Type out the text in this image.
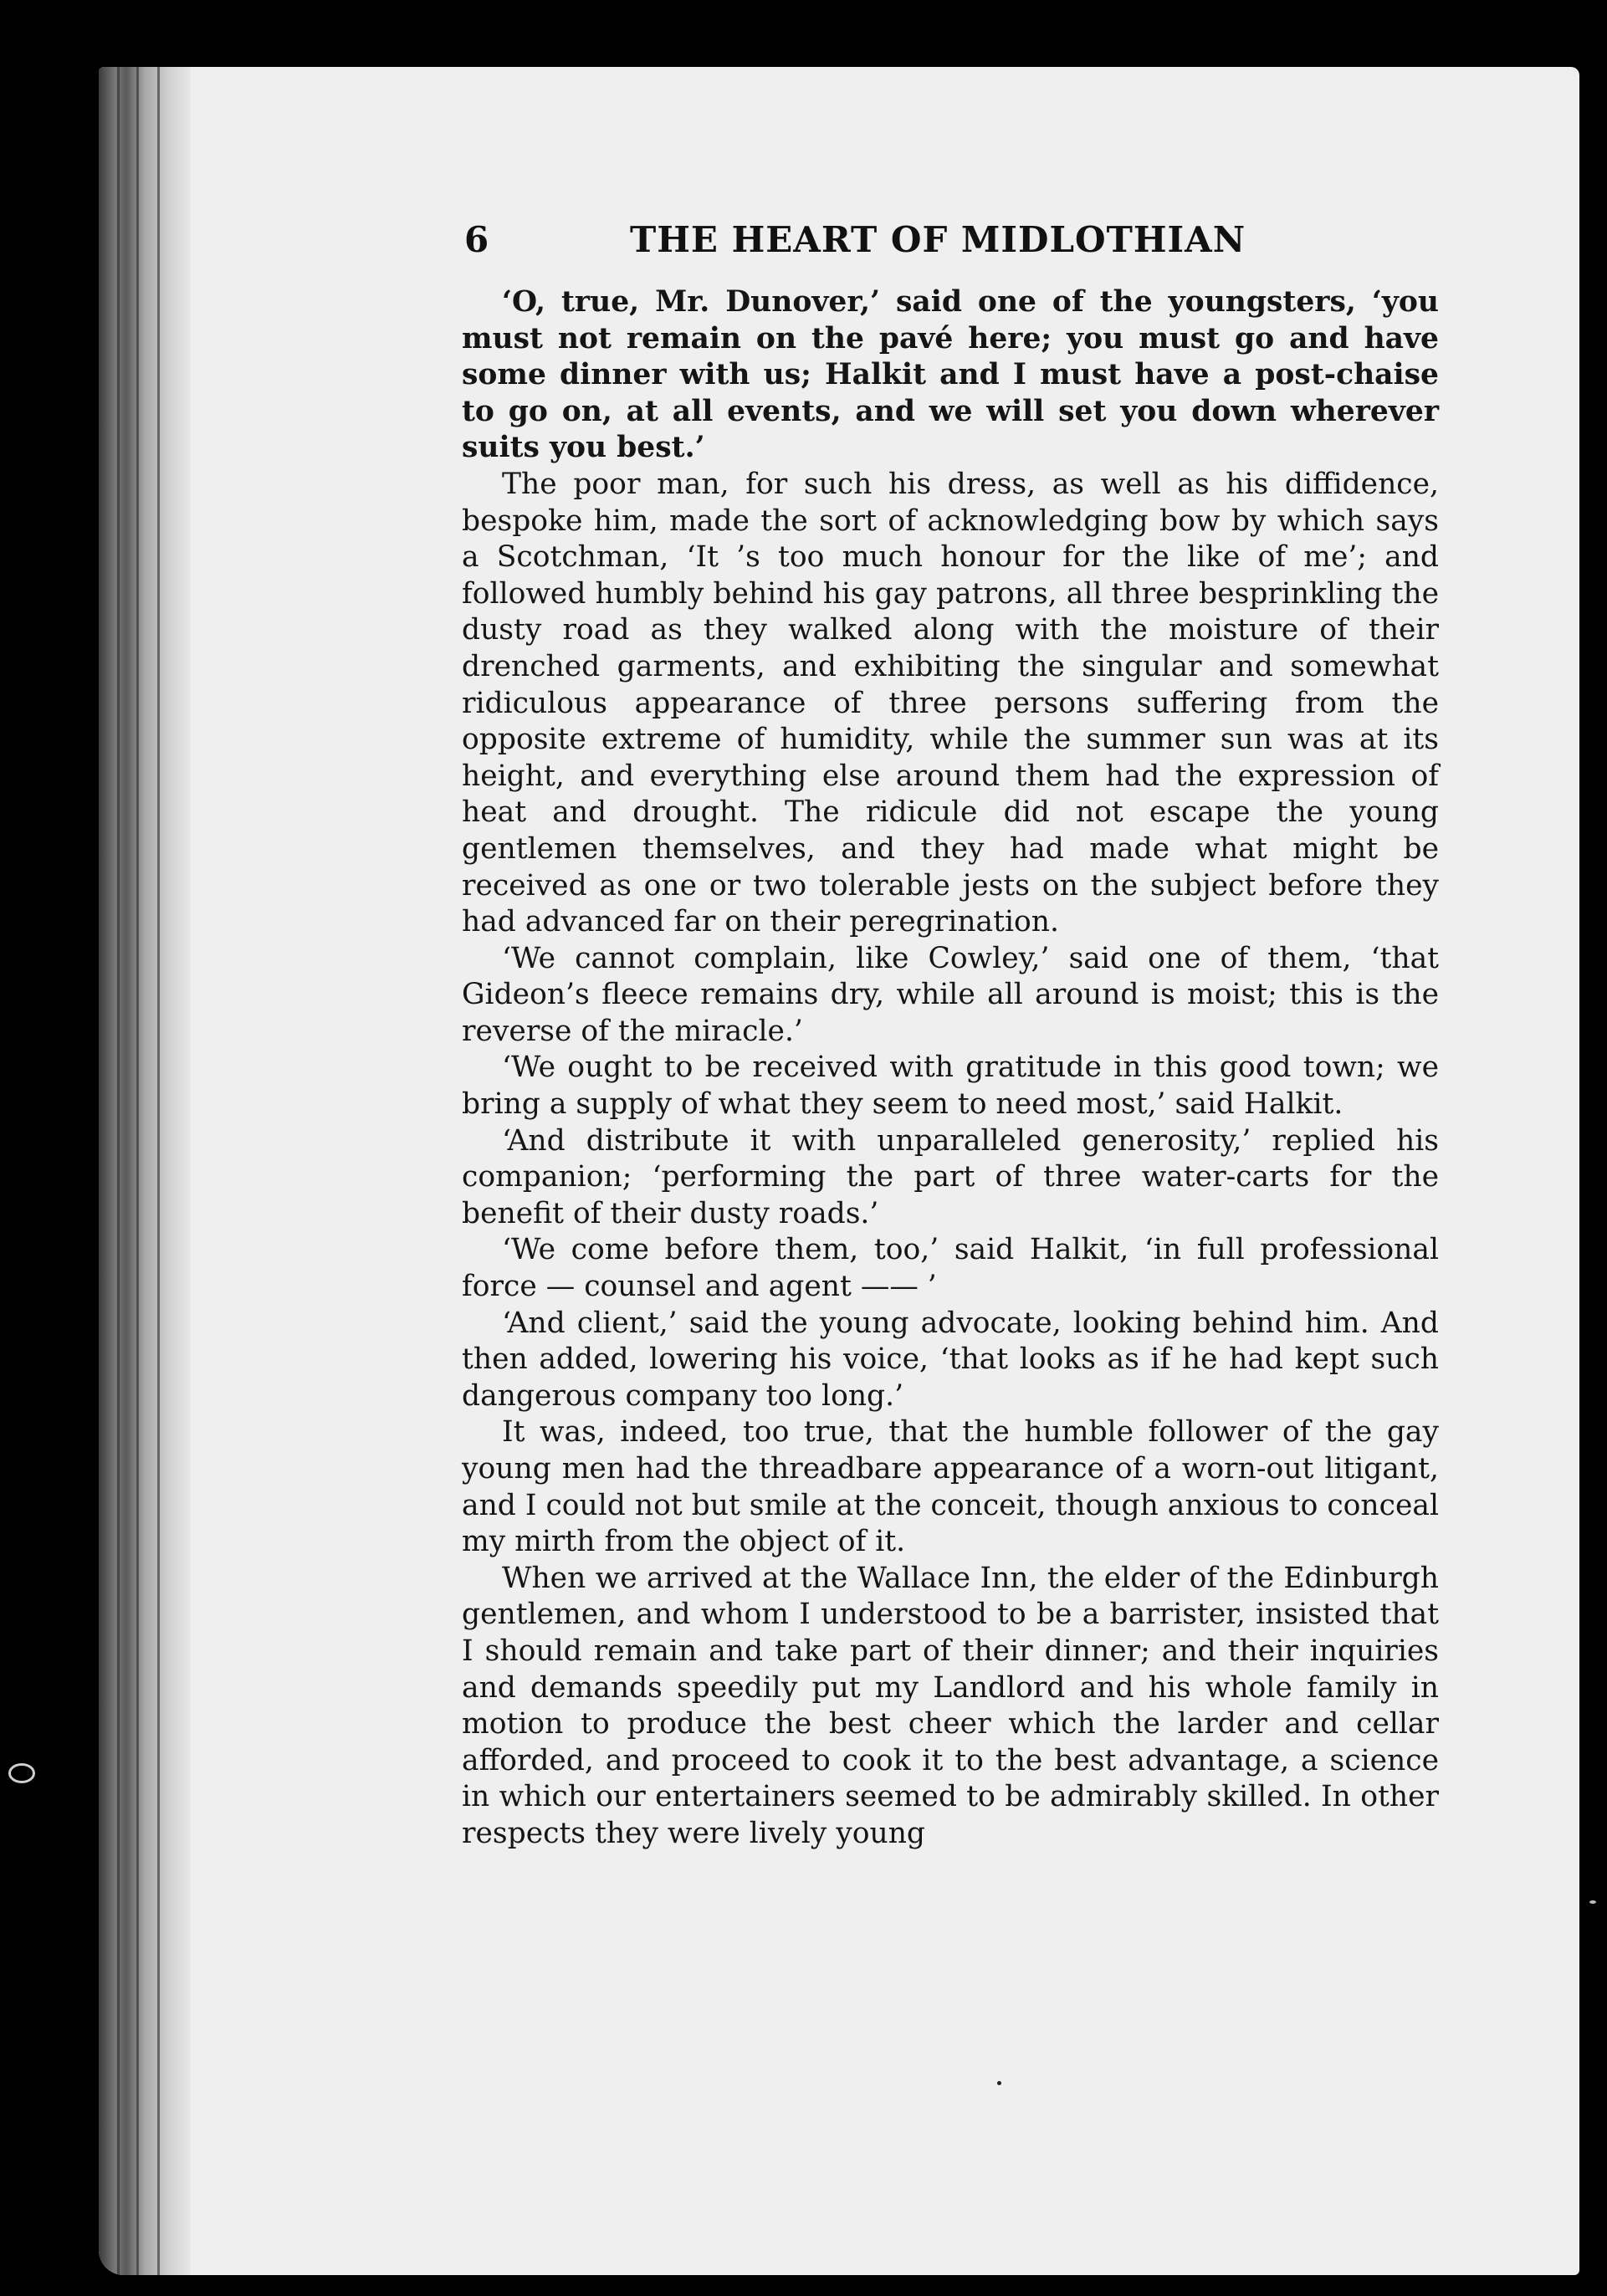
6	THE HEART OF MIDLOTHIAN

‘O, true, Mr. Dunover,’ said one of the youngsters, ‘you must not remain on the pavé here; you must go and have some dinner with us; Halkit and I must have a post-chaise to go on, at all events, and we will set you down wherever suits you best.’

The poor man, for such his dress, as well as his diffidence, bespoke him, made the sort of acknowledging bow by which says a Scotchman, ‘It ’s too much honour for the like of me’; and followed humbly behind his gay patrons, all three besprinkling the dusty road as they walked along with the moisture of their drenched garments, and exhibiting the singular and somewhat ridiculous appearance of three persons suffering from the opposite extreme of humidity, while the summer sun was at its height, and everything else around them had the expression of heat and drought. The ridicule did not escape the young gentlemen themselves, and they had made what might be received as one or two tolerable jests on the subject before they had advanced far on their peregrination.

‘We cannot complain, like Cowley,’ said one of them, ‘that Gideon’s fleece remains dry, while all around is moist; this is the reverse of the miracle.’

‘We ought to be received with gratitude in this good town; we bring a supply of what they seem to need most,’ said Halkit.

‘And distribute it with unparalleled generosity,’ replied his companion; ‘performing the part of three water-carts for the benefit of their dusty roads.’

‘We come before them, too,’ said Halkit, ‘in full professional force — counsel and agent —— ’

‘And client,’ said the young advocate, looking behind him. And then added, lowering his voice, ‘that looks as if he had kept such dangerous company too long.’

It was, indeed, too true, that the humble follower of the gay young men had the threadbare appearance of a worn-out litigant, and I could not but smile at the conceit, though anxious to conceal my mirth from the object of it.

When we arrived at the Wallace Inn, the elder of the Edinburgh gentlemen, and whom I understood to be a barrister, insisted that I should remain and take part of their dinner; and their inquiries and demands speedily put my Landlord and his whole family in motion to produce the best cheer which the larder and cellar afforded, and proceed to cook it to the best advantage, a science in which our entertainers seemed to be admirably skilled. In other respects they were lively young
